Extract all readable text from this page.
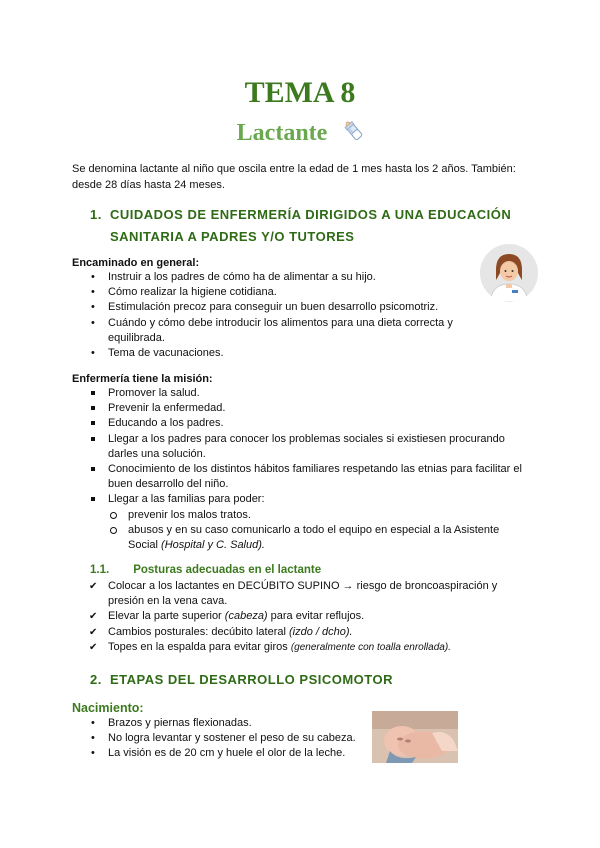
TEMA 8
Lactante

Se denomina lactante al niño que oscila entre la edad de 1 mes hasta los 2 años. También:
desde 28 días hasta 24 meses.

1. CUIDADOS DE ENFERMERÍA DIRIGIDOS A UNA EDUCACIÓN
SANITARIA A PADRES Y/O TUTORES
Encaminado en general:
• Instruir a los padres de cómo ha de alimentar a su hijo.
• Cómo realizar la higiene cotidiana.
• Estimulación precoz para conseguir un buen desarrollo psicomotriz.
• Cuándo y cómo debe introducir los alimentos para una dieta correcta y
equilibrada.
• Tema de vacunaciones.
Enfermería tiene la misión:
Promover la salud.
Prevenir la enfermedad.
Educando a los padres.
Llegar a los padres para conocer los problemas sociales si existiesen procurando
darles una solución.
Conocimiento de los distintos hábitos familiares respetando las etnias para facilitar el
buen desarrollo del niño.
Llegar a las familias para poder:
prevenir los malos tratos.
abusos y en su caso comunicarlo a todo el equipo en especial a la Asistente
Social (Hospital y C. Salud).
1.1. Posturas adecuadas en el lactante
✔ Colocar a los lactantes en DECÚBITO SUPINO → riesgo de broncoaspiración y
presión en la vena cava.
✔ Elevar la parte superior (cabeza) para evitar reflujos.
✔ Cambios posturales: decúbito lateral (izdo / dcho).
✔ Topes en la espalda para evitar giros (generalmente con toalla enrollada).
2. ETAPAS DEL DESARROLLO PSICOMOTOR
Nacimiento:
• Brazos y piernas flexionadas.
• No logra levantar y sostener el peso de su cabeza.
• La visión es de 20 cm y huele el olor de la leche.
